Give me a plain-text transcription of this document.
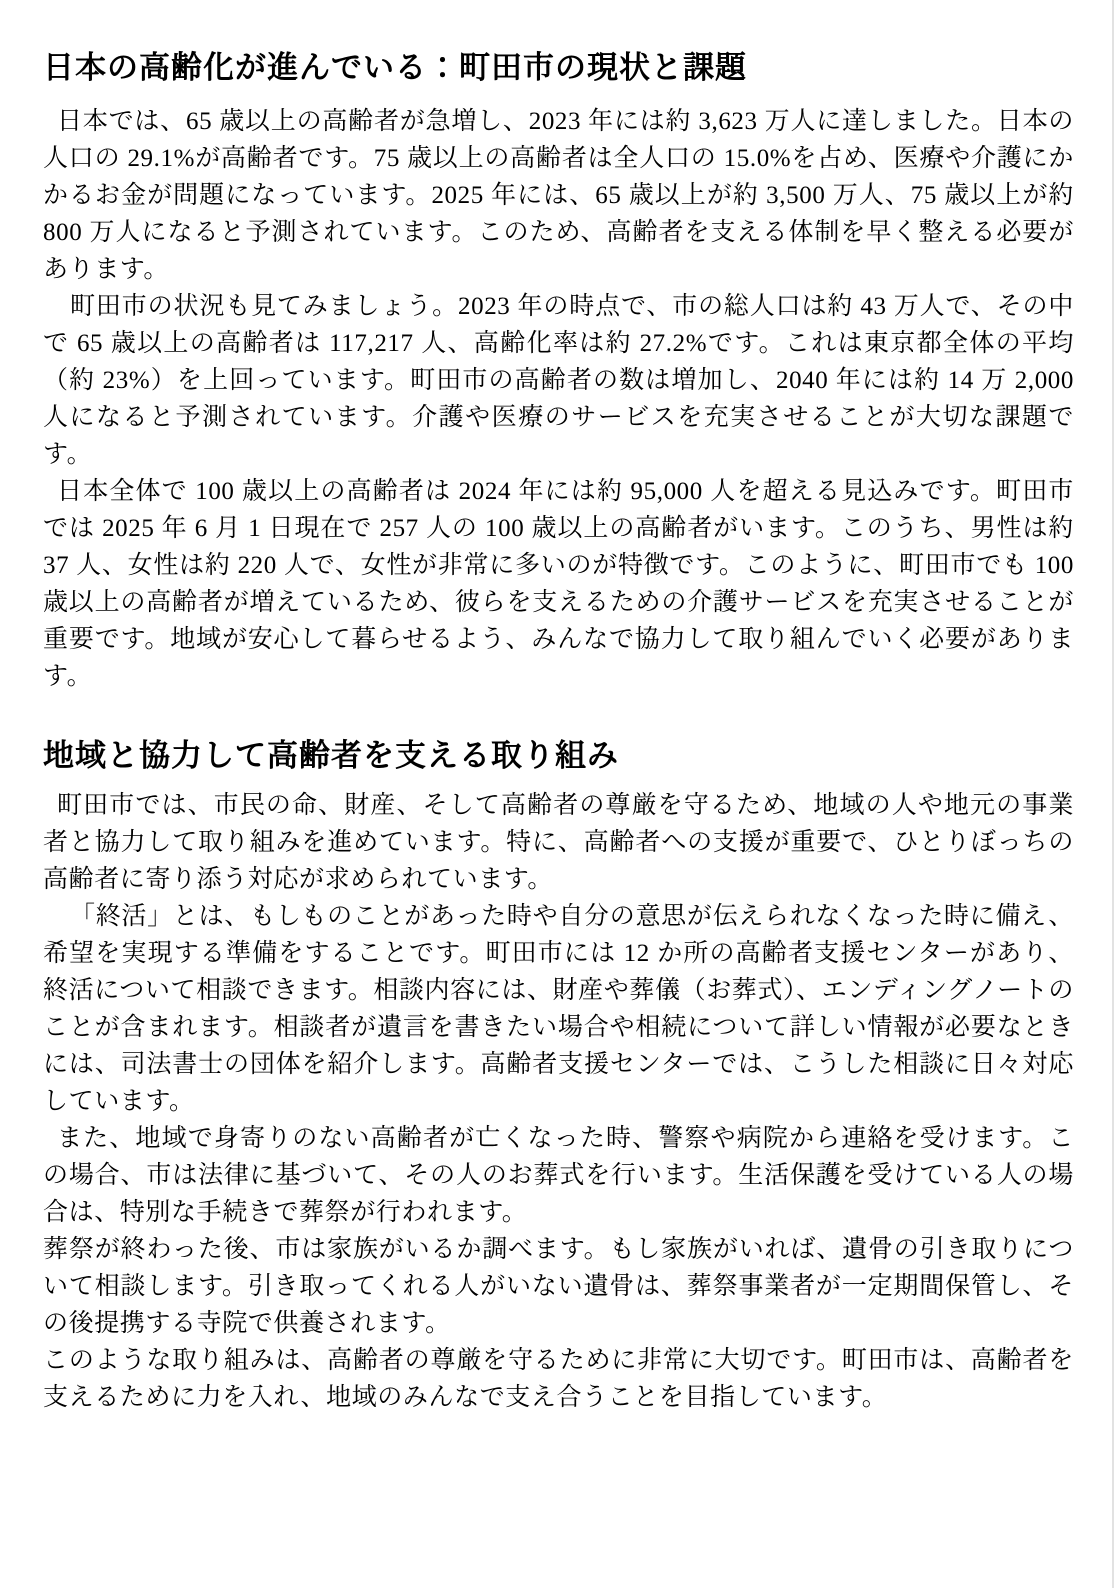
日本の高齢化が進んでいる：町田市の現状と課題

日本では、65 歳以上の高齢者が急増し、2023 年には約 3,623 万人に達しました。日本の人口の 29.1%が高齢者です。75 歳以上の高齢者は全人口の 15.0%を占め、医療や介護にかかるお金が問題になっています。2025 年には、65 歳以上が約 3,500 万人、75 歳以上が約 800 万人になると予測されています。このため、高齢者を支える体制を早く整える必要があります。

町田市の状況も見てみましょう。2023 年の時点で、市の総人口は約 43 万人で、その中で 65 歳以上の高齢者は 117,217 人、高齢化率は約 27.2%です。これは東京都全体の平均（約 23%）を上回っています。町田市の高齢者の数は増加し、2040 年には約 14 万 2,000 人になると予測されています。介護や医療のサービスを充実させることが大切な課題です。

日本全体で 100 歳以上の高齢者は 2024 年には約 95,000 人を超える見込みです。町田市では 2025 年 6 月 1 日現在で 257 人の 100 歳以上の高齢者がいます。このうち、男性は約 37 人、女性は約 220 人で、女性が非常に多いのが特徴です。このように、町田市でも 100 歳以上の高齢者が増えているため、彼らを支えるための介護サービスを充実させることが重要です。地域が安心して暮らせるよう、みんなで協力して取り組んでいく必要があります。

地域と協力して高齢者を支える取り組み

町田市では、市民の命、財産、そして高齢者の尊厳を守るため、地域の人や地元の事業者と協力して取り組みを進めています。特に、高齢者への支援が重要で、ひとりぼっちの高齢者に寄り添う対応が求められています。

「終活」とは、もしものことがあった時や自分の意思が伝えられなくなった時に備え、希望を実現する準備をすることです。町田市には 12 か所の高齢者支援センターがあり、終活について相談できます。相談内容には、財産や葬儀（お葬式）、エンディングノートのことが含まれます。相談者が遺言を書きたい場合や相続について詳しい情報が必要なときには、司法書士の団体を紹介します。高齢者支援センターでは、こうした相談に日々対応しています。

また、地域で身寄りのない高齢者が亡くなった時、警察や病院から連絡を受けます。この場合、市は法律に基づいて、その人のお葬式を行います。生活保護を受けている人の場合は、特別な手続きで葬祭が行われます。

葬祭が終わった後、市は家族がいるか調べます。もし家族がいれば、遺骨の引き取りについて相談します。引き取ってくれる人がいない遺骨は、葬祭事業者が一定期間保管し、その後提携する寺院で供養されます。

このような取り組みは、高齢者の尊厳を守るために非常に大切です。町田市は、高齢者を支えるために力を入れ、地域のみんなで支え合うことを目指しています。
